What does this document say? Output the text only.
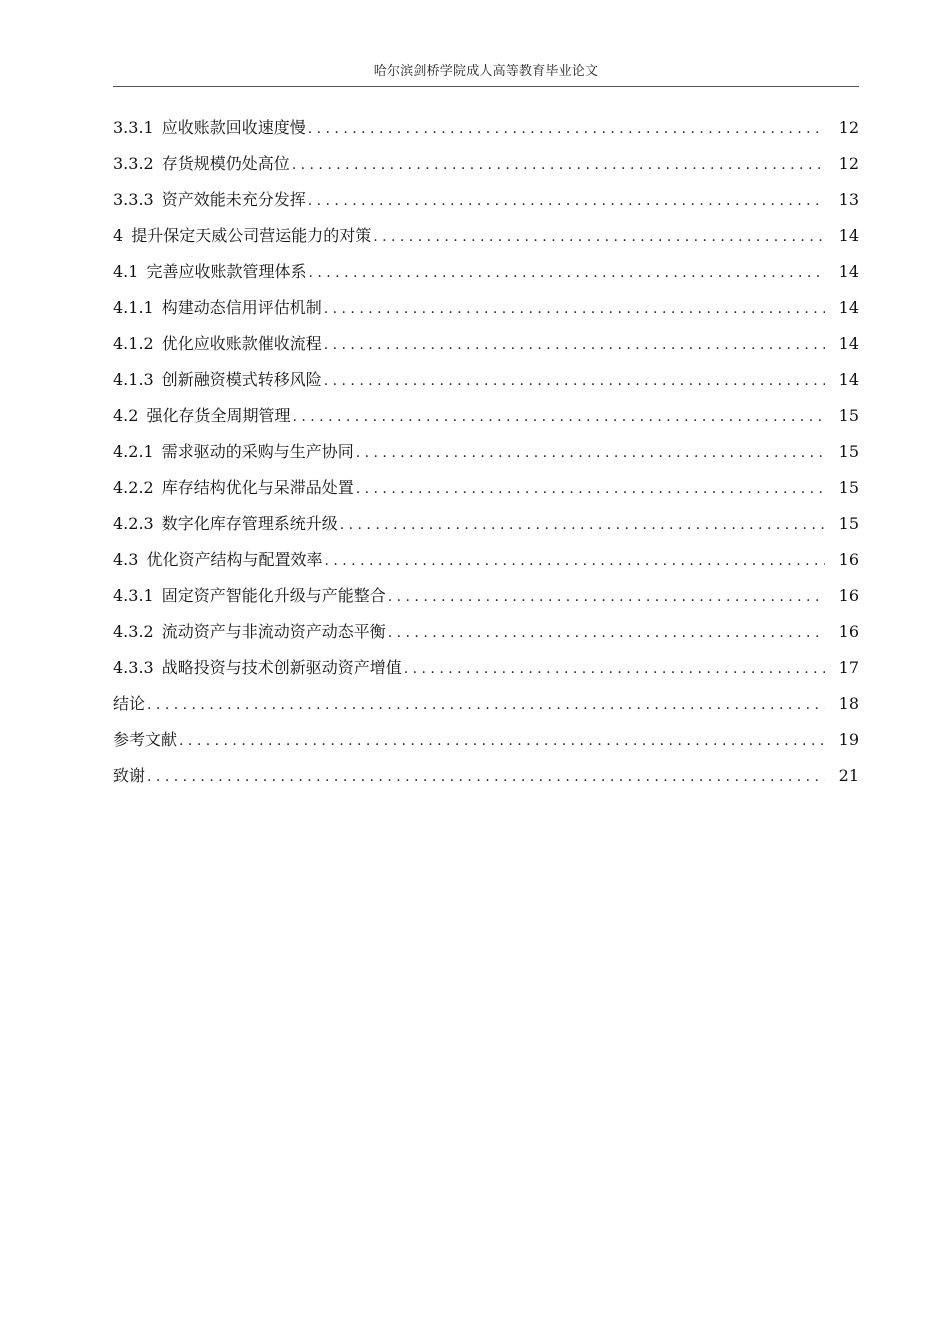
哈尔滨剑桥学院成人高等教育毕业论文
3.3.1 应收账款回收速度慢 . . .	12
3.3.2 存货规模仍处高位 . . .	12
3.3.3 资产效能未充分发挥 . . .	13
4 提升保定天威公司营运能力的对策 . . .	14
4.1 完善应收账款管理体系 . . .	14
4.1.1 构建动态信用评估机制 . . .	14
4.1.2 优化应收账款催收流程 . . .	14
4.1.3 创新融资模式转移风险 . . .	14
4.2 强化存货全周期管理 . . .	15
4.2.1 需求驱动的采购与生产协同 . . .	15
4.2.2 库存结构优化与呆滞品处置 . . .	15
4.2.3 数字化库存管理系统升级 . . .	15
4.3 优化资产结构与配置效率 . . .	16
4.3.1 固定资产智能化升级与产能整合 . . .	16
4.3.2 流动资产与非流动资产动态平衡 . . .	16
4.3.3 战略投资与技术创新驱动资产增值 . . .	17
结论 . . .	18
参考文献 . . .	19
致谢 . . .	21
